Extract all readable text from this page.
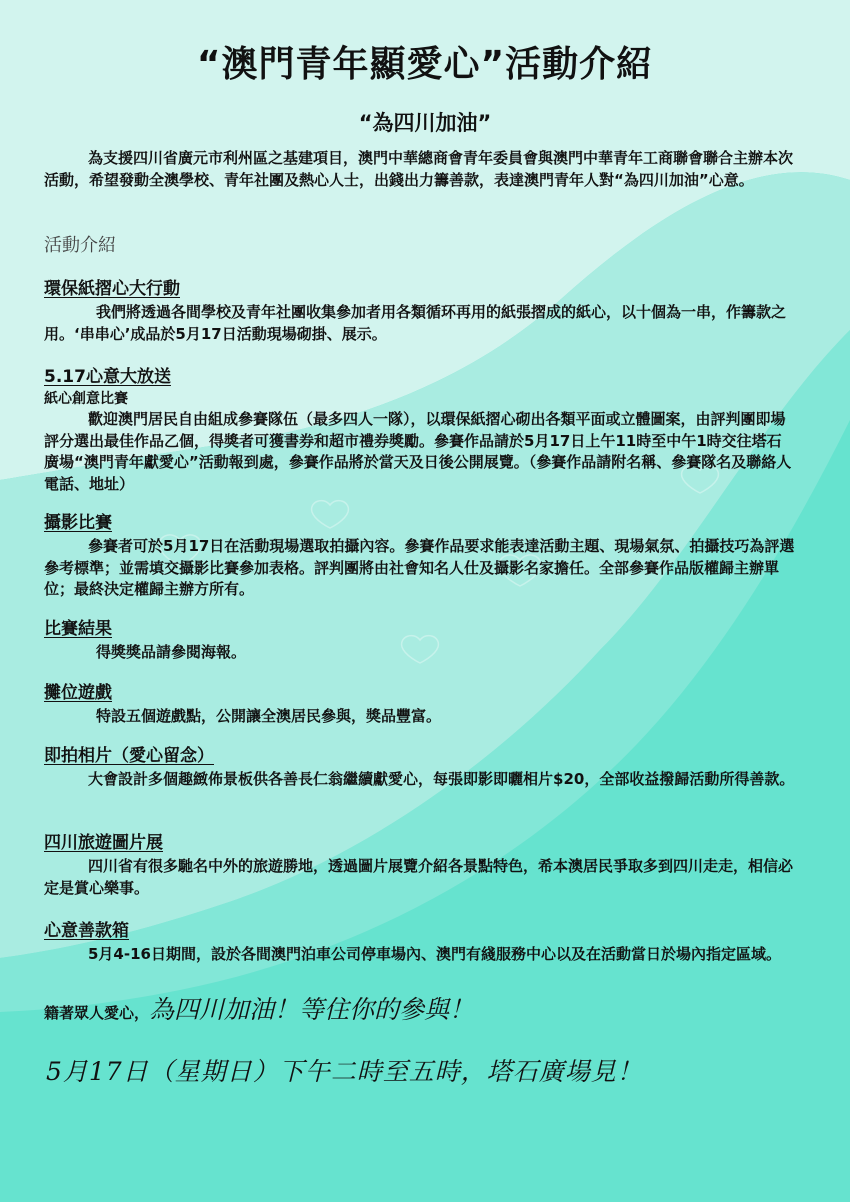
“澳門青年顯愛心”活動介紹
“為四川加油”

為支援四川省廣元市利州區之基建項目，澳門中華總商會青年委員會與澳門中華青年工商聯會聯合主辦本次活動，希望發動全澳學校、青年社團及熱心人士，出錢出力籌善款，表達澳門青年人對“為四川加油”心意。

活動介紹
環保紙摺心大行動

我們將透過各間學校及青年社團收集參加者用各類循环再用的紙張摺成的紙心，以十個為一串，作籌款之用。‘串串心’成品於5月17日活動現場砌掛、展示。

5.17心意大放送
紙心創意比賽

歡迎澳門居民自由組成參賽隊伍（最多四人一隊），以環保紙摺心砌出各類平面或立體圖案，由評判團即場評分選出最佳作品乙個，得獎者可獲書券和超市禮券獎勵。參賽作品請於5月17日上午11時至中午1時交往塔石廣場“澳門青年獻愛心”活動報到處，參賽作品將於當天及日後公開展覽。（參賽作品請附名稱、參賽隊名及聯絡人電話、地址）

攝影比賽

參賽者可於5月17日在活動現場選取拍攝內容。參賽作品要求能表達活動主題、現場氣氛、拍攝技巧為評選參考標準；並需填交攝影比賽參加表格。評判團將由社會知名人仕及攝影名家擔任。全部參賽作品版權歸主辦單位；最終決定權歸主辦方所有。

比賽結果

得獎獎品請參閱海報。

攤位遊戲

特設五個遊戲點，公開讓全澳居民參與，獎品豐富。

即拍相片（愛心留念）

大會設計多個趣緻佈景板供各善長仁翁繼續獻愛心，每張即影即曬相片$20，全部收益撥歸活動所得善款。

四川旅遊圖片展

四川省有很多馳名中外的旅遊勝地，透過圖片展覽介紹各景點特色，希本澳居民爭取多到四川走走，相信必定是賞心樂事。

心意善款箱

5月4-16日期間，設於各間澳門泊車公司停車場內、澳門有綫服務中心以及在活動當日於場內指定區域。

籍著眾人愛心，為四川加油！等住你的參與！
5月17日（星期日）下午二時至五時，塔石廣場見！
